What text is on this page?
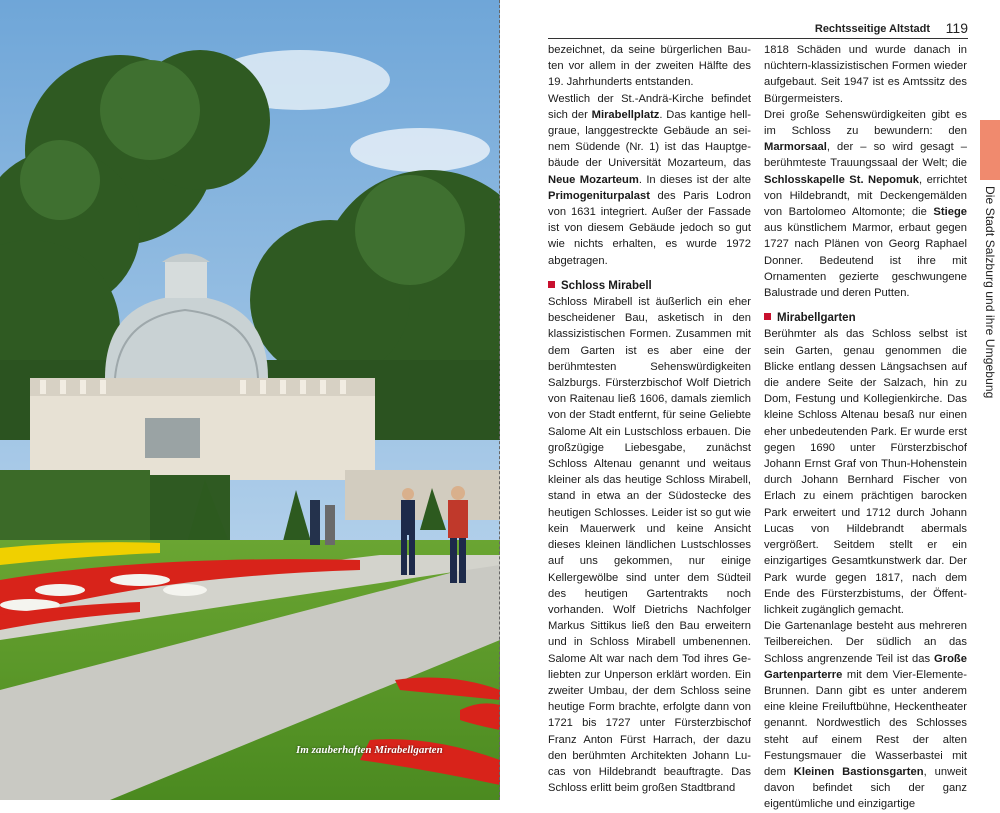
Im zauberhaften Mirabellgarten
Rechtsseitige Altstadt 119

bezeichnet, da seine bürgerlichen Bauten vor allem in der zweiten Hälfte des 19. Jahrhunderts entstanden.

Westlich der St.-Andrä-Kirche befindet sich der Mirabellplatz. Das kantige hellgraue, langgestreckte Gebäude an seinem Südende (Nr. 1) ist das Hauptgebäude der Universität Mozarteum, das Neue Mozarteum. In dieses ist der alte Primogeniturpalast des Paris Lodron von 1631 integriert. Außer der Fassade ist von diesem Gebäude jedoch so gut wie nichts erhalten, es wurde 1972 abgetragen.

Schloss Mirabell

Schloss Mirabell ist äußerlich ein eher bescheidener Bau, asketisch in den klassizistischen Formen. Zusammen mit dem Garten ist es aber eine der berühmtesten Sehenswürdigkeiten Salzburgs. Fürsterzbischof Wolf Dietrich von Raitenau ließ 1606, damals ziemlich von der Stadt entfernt, für seine Geliebte Salome Alt ein Lustschloss erbauen. Die großzügige Liebesgabe, zunächst Schloss Altenau genannt und weitaus kleiner als das heutige Schloss Mirabell, stand in etwa an der Südostecke des heutigen Schlosses. Leider ist so gut wie kein Mauerwerk und keine Ansicht dieses kleinen ländlichen Lustschlosses auf uns gekommen, nur einige Kellergewölbe sind unter dem Südteil des heutigen Gartentrakts noch vorhanden. Wolf Dietrichs Nachfolger Markus Sittikus ließ den Bau erweitern und in Schloss Mirabell umbenennen. Salome Alt war nach dem Tod ihres Geliebten zur Unperson erklärt worden. Ein zweiter Umbau, der dem Schloss seine heutige Form brachte, erfolgte dann von 1721 bis 1727 unter Fürsterzbischof Franz Anton Fürst Harrach, der dazu den berühmten Architekten Johann Lucas von Hildebrandt beauftragte. Das Schloss erlitt beim großen Stadtbrand

1818 Schäden und wurde danach in nüchtern-klassizistischen Formen wieder aufgebaut. Seit 1947 ist es Amtssitz des Bürgermeisters.

Drei große Sehenswürdigkeiten gibt es im Schloss zu bewundern: den Marmorsaal, der – so wird gesagt – berühmteste Trauungssaal der Welt; die Schlosskapelle St. Nepomuk, errichtet von Hildebrandt, mit Deckengemälden von Bartolomeo Altomonte; die Stiege aus künstlichem Marmor, erbaut gegen 1727 nach Plänen von Georg Raphael Donner. Bedeutend ist ihre mit Ornamenten gezierte geschwungene Balustrade und deren Putten.

Mirabellgarten

Berühmter als das Schloss selbst ist sein Garten, genau genommen die Blicke entlang dessen Längsachsen auf die andere Seite der Salzach, hin zu Dom, Festung und Kollegienkirche. Das kleine Schloss Altenau besaß nur einen eher unbedeutenden Park. Er wurde erst gegen 1690 unter Fürsterzbischof Johann Ernst Graf von Thun-Hohenstein durch Johann Bernhard Fischer von Erlach zu einem prächtigen barocken Park erweitert und 1712 durch Johann Lucas von Hildebrandt abermals vergrößert. Seitdem stellt er ein einzigartiges Gesamtkunstwerk dar. Der Park wurde gegen 1817, nach dem Ende des Fürsterzbistums, der Öffentlichkeit zugänglich gemacht.

Die Gartenanlage besteht aus mehreren Teilbereichen. Der südlich an das Schloss angrenzende Teil ist das Große Gartenparterre mit dem Vier-Elemente-Brunnen. Dann gibt es unter anderem eine kleine Freiluftbühne, Heckentheater genannt. Nordwestlich des Schlosses steht auf einem Rest der alten Festungsmauer die Wasserbastei mit dem Kleinen Bastionsgarten, unweit davon befindet sich der ganz eigentümliche und einzigartige

Die Stadt Salzburg und ihre Umgebung
